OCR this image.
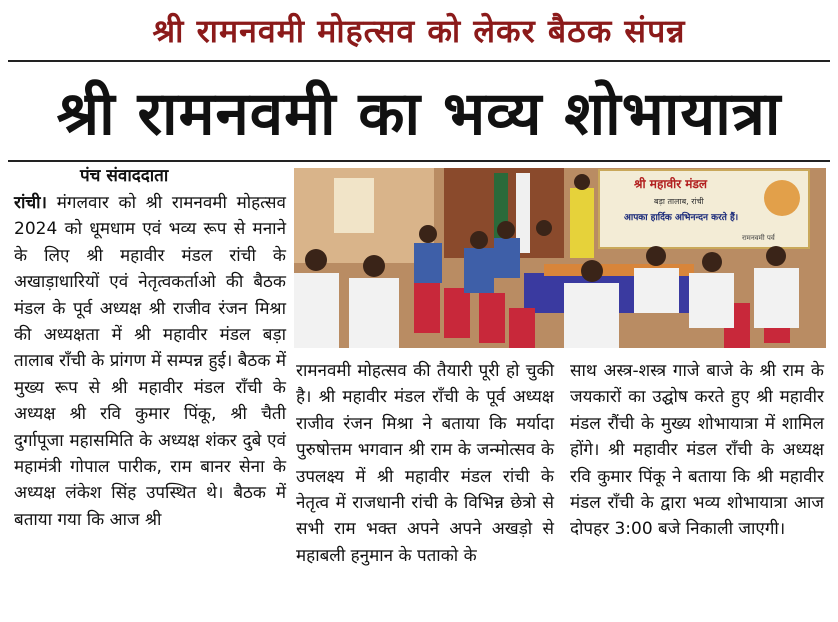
श्री रामनवमी मोहत्सव को लेकर बैठक संपन्न
श्री रामनवमी का भव्य शोभायात्रा
पंच संवाददाता

रांची। मंगलवार को श्री रामनवमी मोहत्सव 2024 को धूमधाम एवं भव्य रूप से मनाने के लिए श्री महावीर मंडल रांची के अखाड़ाधारियों एवं नेतृत्वकर्ताओ की बैठक मंडल के पूर्व अध्यक्ष श्री राजीव रंजन मिश्रा की अध्यक्षता में श्री महावीर मंडल बड़ा तालाब राँची के प्रांगण में सम्पन्न हुई। बैठक में मुख्य रूप से श्री महावीर मंडल राँची के अध्यक्ष श्री रवि कुमार पिंकू, श्री चैती दुर्गापूजा महासमिति के अध्यक्ष शंकर दुबे एवं महामंत्री गोपाल पारीक, राम बानर सेना के अध्यक्ष लंकेश सिंह उपस्थित थे। बैठक में बताया गया कि आज श्री

श्री महावीर मंडल
बड़ा तालाब, रांची
आपका हार्दिक अभिनन्दन करते हैं।
रामनवमी पर्व

रामनवमी मोहत्सव की तैयारी पूरी हो चुकी है। श्री महावीर मंडल राँची के पूर्व अध्यक्ष राजीव रंजन मिश्रा ने बताया कि मर्यादा पुरुषोत्तम भगवान श्री राम के जन्मोत्सव के उपलक्ष्य में श्री महावीर मंडल रांची के नेतृत्व में राजधानी रांची के विभिन्न छेत्रो से सभी राम भक्त अपने अपने अखड़ो से महाबली हनुमान के पताको के

साथ अस्त्र-शस्त्र गाजे बाजे के श्री राम के जयकारों का उद्घोष करते हुए श्री महावीर मंडल रौंची के मुख्य शोभायात्रा में शामिल होंगे। श्री महावीर मंडल राँची के अध्यक्ष रवि कुमार पिंकू ने बताया कि श्री महावीर मंडल राँची के द्वारा भव्य शोभायात्रा आज दोपहर 3:00 बजे निकाली जाएगी।
